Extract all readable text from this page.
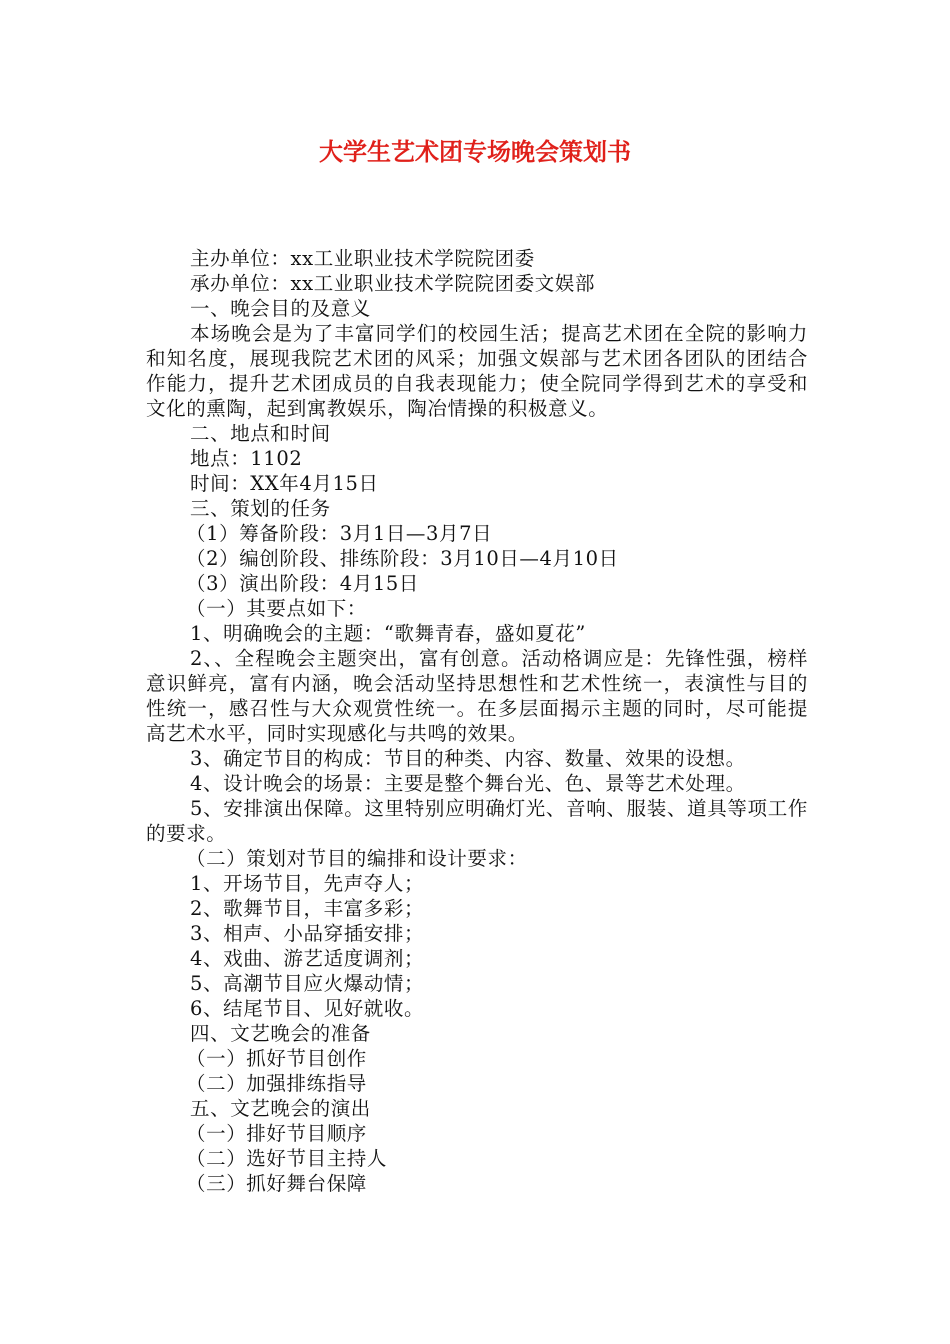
大学生艺术团专场晚会策划书

主办单位：xx工业职业技术学院院团委

承办单位：xx工业职业技术学院院团委文娱部

一、晚会目的及意义

本场晚会是为了丰富同学们的校园生活；提高艺术团在全院的影响力和知名度，展现我院艺术团的风采；加强文娱部与艺术团各团队的团结合作能力，提升艺术团成员的自我表现能力；使全院同学得到艺术的享受和文化的熏陶，起到寓教娱乐，陶冶情操的积极意义。

二、地点和时间

地点：1102

时间：XX年4月15日

三、策划的任务

（1）筹备阶段：3月1日—3月7日

（2）编创阶段、排练阶段：3月10日—4月10日

（3）演出阶段：4月15日

（一）其要点如下：

1、明确晚会的主题：“歌舞青春，盛如夏花”

2、、全程晚会主题突出，富有创意。活动格调应是：先锋性强，榜样意识鲜亮，富有内涵，晚会活动坚持思想性和艺术性统一，表演性与目的性统一，感召性与大众观赏性统一。在多层面揭示主题的同时，尽可能提高艺术水平，同时实现感化与共鸣的效果。

3、确定节目的构成：节目的种类、内容、数量、效果的设想。

4、设计晚会的场景：主要是整个舞台光、色、景等艺术处理。

5、安排演出保障。这里特别应明确灯光、音响、服装、道具等项工作的要求。

（二）策划对节目的编排和设计要求：

1、开场节目，先声夺人；

2、歌舞节目，丰富多彩；

3、相声、小品穿插安排；

4、戏曲、游艺适度调剂；

5、高潮节目应火爆动情；

6、结尾节目、见好就收。

四、文艺晚会的准备

（一）抓好节目创作

（二）加强排练指导

五、文艺晚会的演出

（一）排好节目顺序

（二）选好节目主持人

（三）抓好舞台保障
